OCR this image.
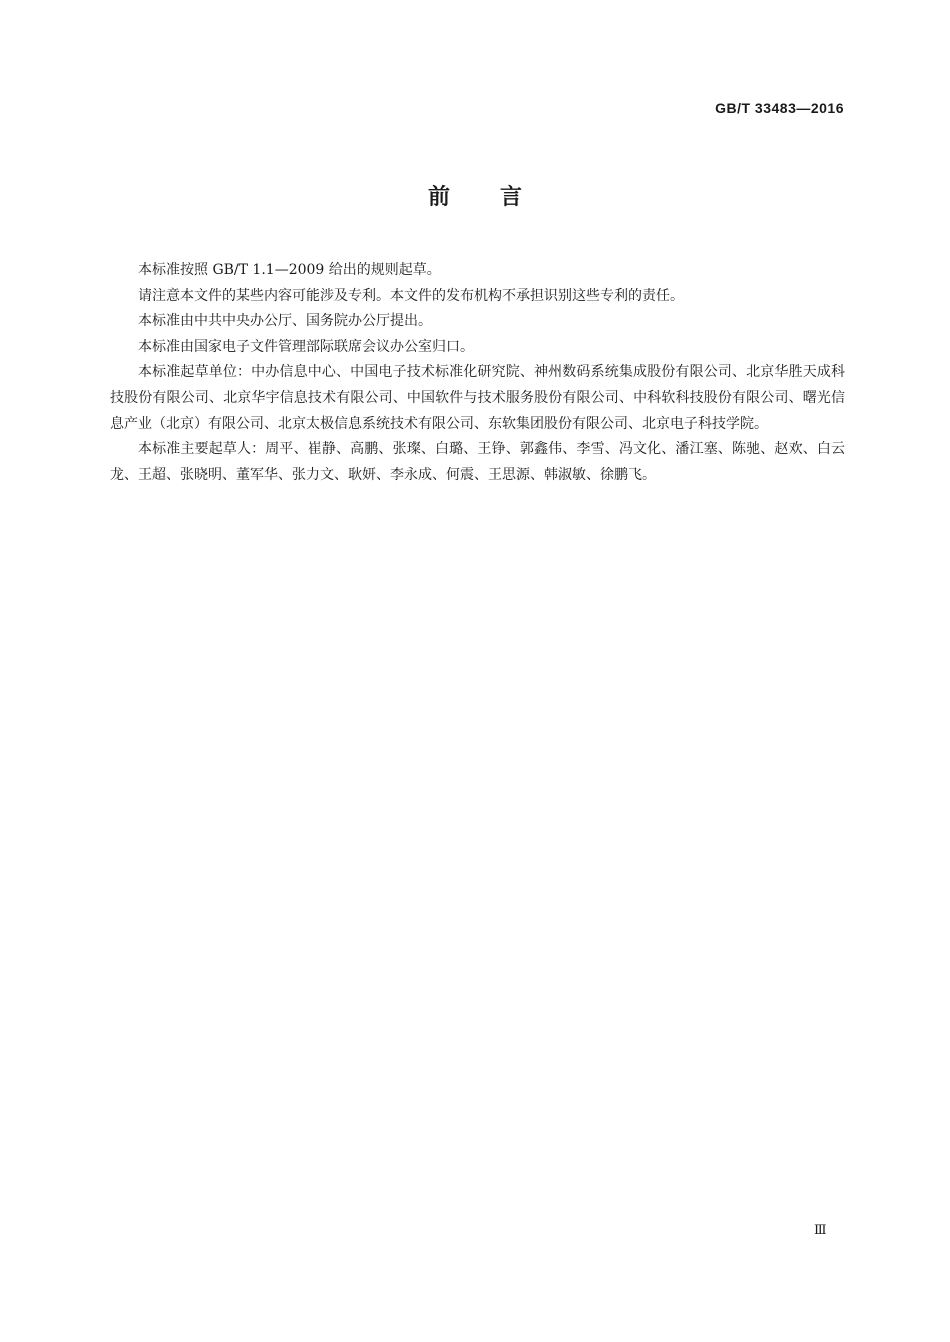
GB/T 33483—2016
前言

本标准按照 GB/T 1.1—2009 给出的规则起草。

请注意本文件的某些内容可能涉及专利。本文件的发布机构不承担识别这些专利的责任。

本标准由中共中央办公厅、国务院办公厅提出。

本标准由国家电子文件管理部际联席会议办公室归口。

本标准起草单位：中办信息中心、中国电子技术标准化研究院、神州数码系统集成股份有限公司、北京华胜天成科技股份有限公司、北京华宇信息技术有限公司、中国软件与技术服务股份有限公司、中科软科技股份有限公司、曙光信息产业（北京）有限公司、北京太极信息系统技术有限公司、东软集团股份有限公司、北京电子科技学院。

本标准主要起草人：周平、崔静、高鹏、张璨、白璐、王铮、郭鑫伟、李雪、冯文化、潘江塞、陈驰、赵欢、白云龙、王超、张晓明、董军华、张力文、耿妍、李永成、何震、王思源、韩淑敏、徐鹏飞。

Ⅲ
